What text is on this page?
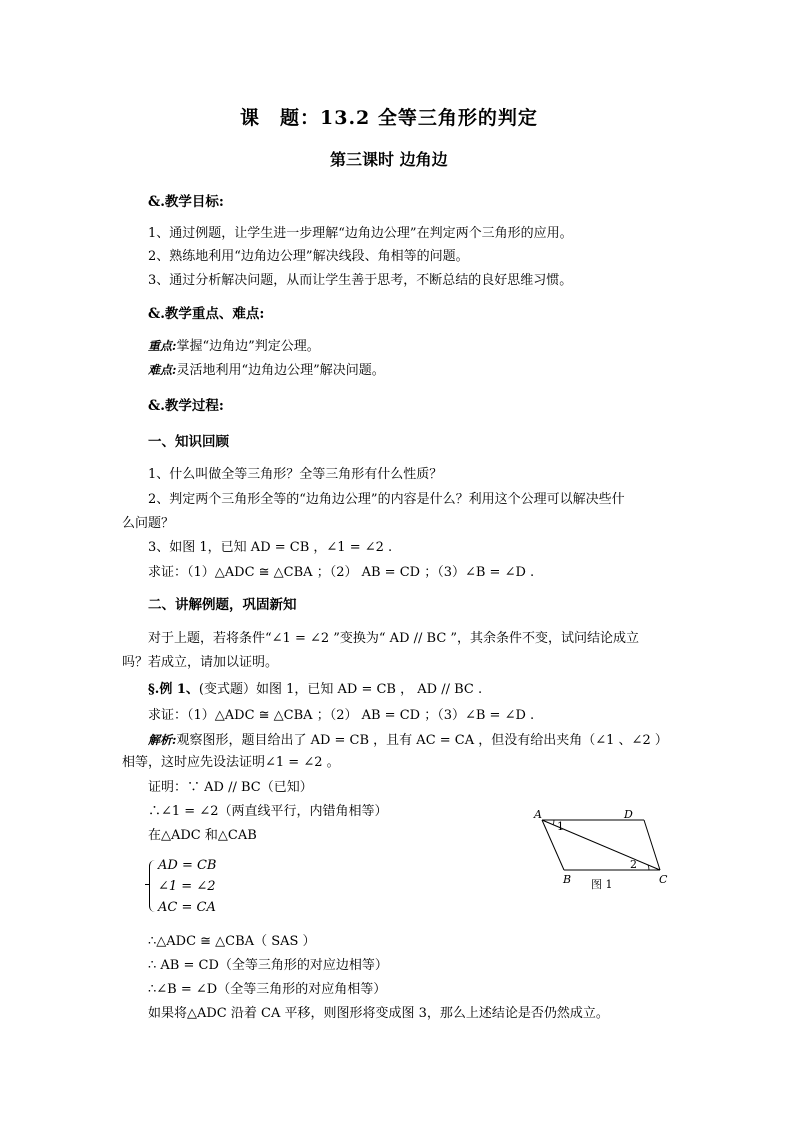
课　题：13.2 全等三角形的判定
第三课时 边角边
&.教学目标:
1、通过例题，让学生进一步理解“边角边公理”在判定两个三角形的应用。
2、熟练地利用“边角边公理”解决线段、角相等的问题。
3、通过分析解决问题，从而让学生善于思考，不断总结的良好思维习惯。
&.教学重点、难点:
重点:掌握“边角边”判定公理。
难点:灵活地利用“边角边公理”解决问题。
&.教学过程:
一、知识回顾
1、什么叫做全等三角形？全等三角形有什么性质？
2、判定两个三角形全等的“边角边公理”的内容是什么？利用这个公理可以解决些什
么问题？
3、如图 1，已知 AD = CB ，∠1 = ∠2 .
求证：（1）△ADC ≅ △CBA ；（2） AB = CD ；（3）∠B = ∠D .
二、讲解例题，巩固新知
对于上题，若将条件“∠1 = ∠2 ”变换为“ AD // BC ”，其余条件不变，试问结论成立
吗？若成立，请加以证明。
§.例 1、(变式题）如图 1，已知 AD = CB ， AD // BC .
求证：（1）△ADC ≅ △CBA ；（2） AB = CD ；（3）∠B = ∠D .
解析:观察图形，题目给出了 AD = CB ，且有 AC = CA ，但没有给出夹角（∠1 、∠2 ）
相等，这时应先设法证明∠1 = ∠2 。
证明：∵ AD // BC（已知）
∴∠1 = ∠2（两直线平行，内错角相等）
在△ADC 和△CAB
AD = CB
∠1 = ∠2
AC = CA
∴△ADC ≅ △CBA（ SAS ）
∴ AB = CD（全等三角形的对应边相等）
∴∠B = ∠D（全等三角形的对应角相等）
如果将△ADC 沿着 CA 平移，则图形将变成图 3，那么上述结论是否仍然成立。
A	D
B	C
1
2
图 1
